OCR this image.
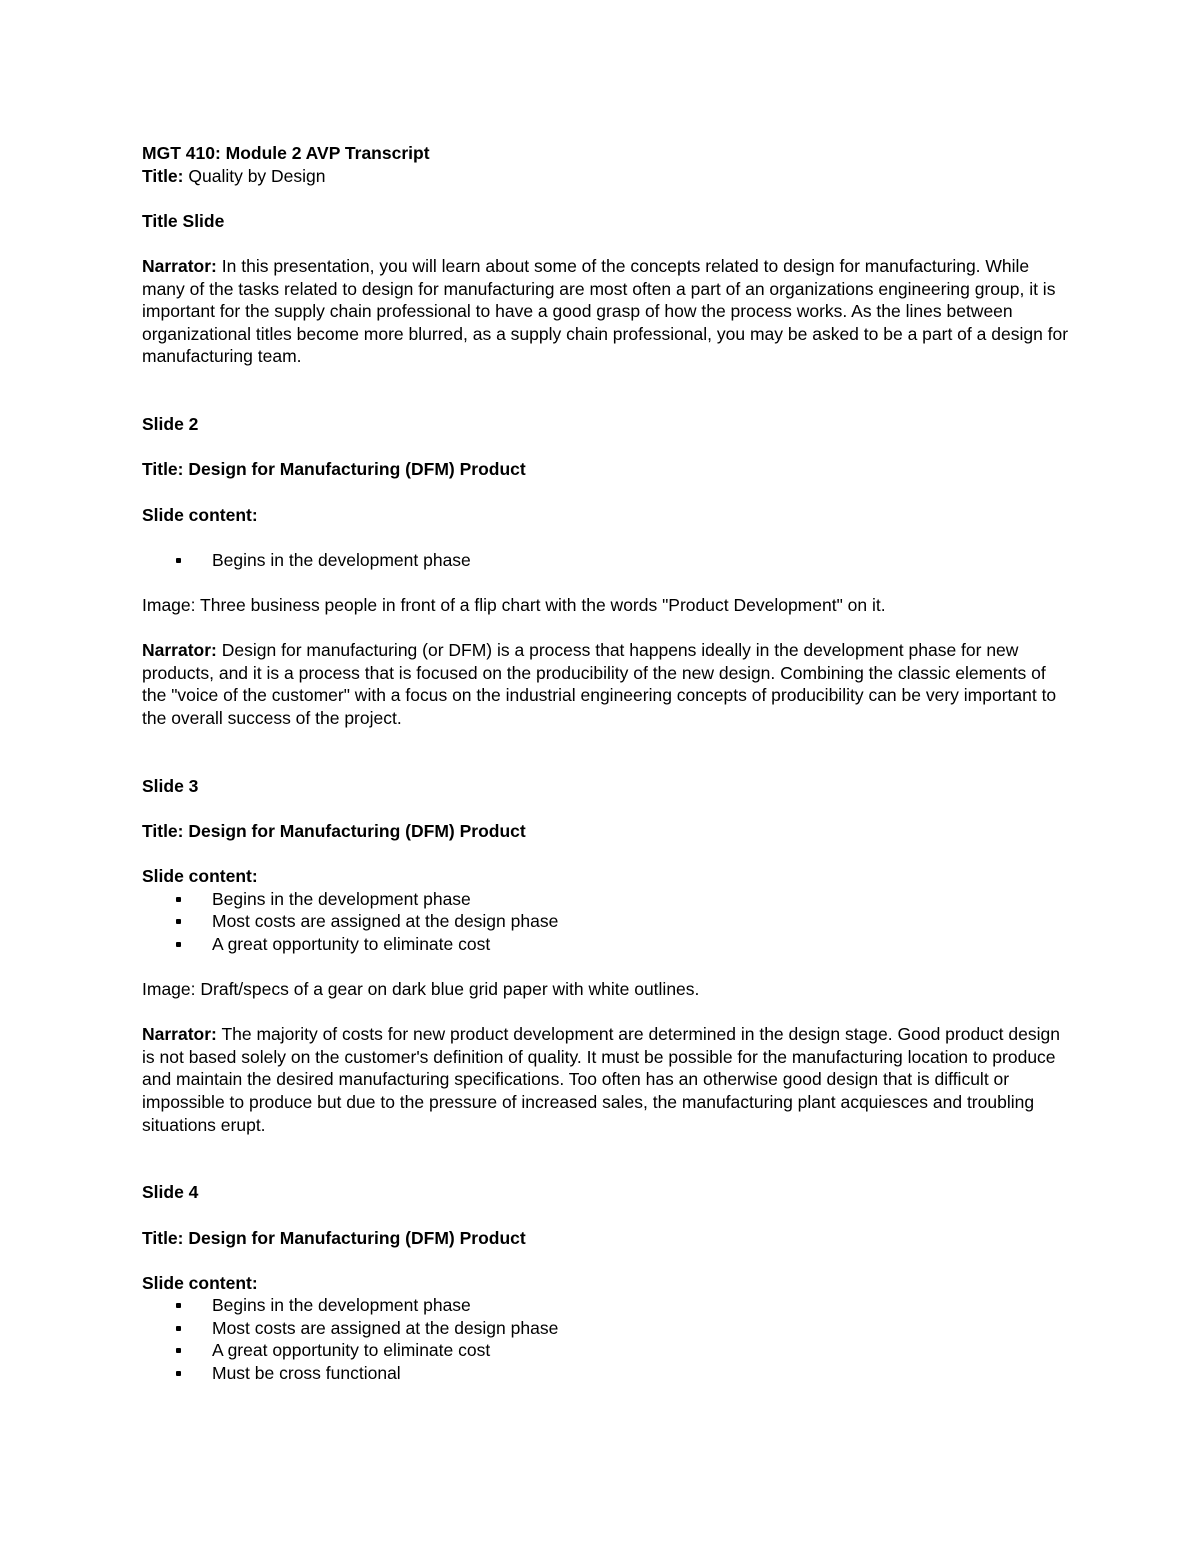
MGT 410: Module 2 AVP Transcript
Title: Quality by Design
Title Slide

Narrator: In this presentation, you will learn about some of the concepts related to design for manufacturing. While many of the tasks related to design for manufacturing are most often a part of an organizations engineering group, it is important for the supply chain professional to have a good grasp of how the process works. As the lines between organizational titles become more blurred, as a supply chain professional, you may be asked to be a part of a design for manufacturing team.

Slide 2
Title: Design for Manufacturing (DFM) Product
Slide content:
Begins in the development phase

Image: Three business people in front of a flip chart with the words "Product Development" on it.

Narrator: Design for manufacturing (or DFM) is a process that happens ideally in the development phase for new products, and it is a process that is focused on the producibility of the new design. Combining the classic elements of the "voice of the customer" with a focus on the industrial engineering concepts of producibility can be very important to the overall success of the project.

Slide 3
Title: Design for Manufacturing (DFM) Product
Slide content:
Begins in the development phase
Most costs are assigned at the design phase
A great opportunity to eliminate cost

Image: Draft/specs of a gear on dark blue grid paper with white outlines.

Narrator: The majority of costs for new product development are determined in the design stage. Good product design is not based solely on the customer's definition of quality. It must be possible for the manufacturing location to produce and maintain the desired manufacturing specifications. Too often has an otherwise good design that is difficult or impossible to produce but due to the pressure of increased sales, the manufacturing plant acquiesces and troubling situations erupt.

Slide 4
Title: Design for Manufacturing (DFM) Product
Slide content:
Begins in the development phase
Most costs are assigned at the design phase
A great opportunity to eliminate cost
Must be cross functional
